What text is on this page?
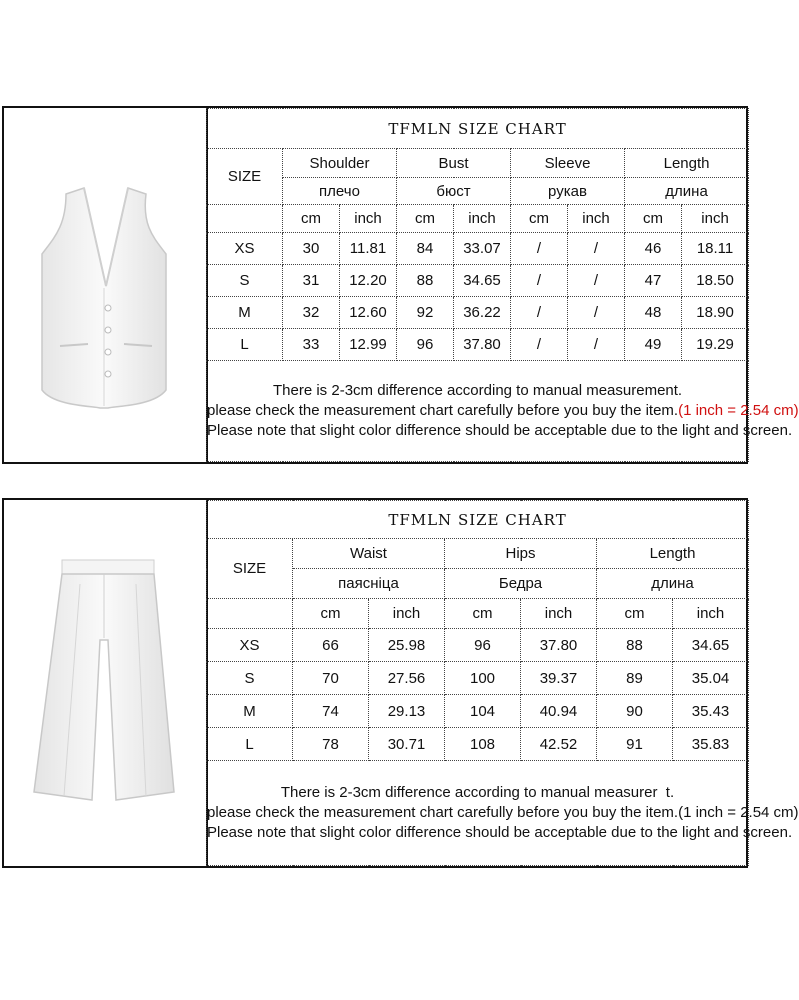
TFMLN SIZE CHART								
SIZE	Shoulder		Bust		Sleeve		Length	
	плечо		бюст		рукав		длина	
	cm	inch	cm	inch	cm	inch	cm	inch
XS	30	11.81	84	33.07	/	/	46	18.11
S	31	12.20	88	34.65	/	/	47	18.50
M	32	12.60	92	36.22	/	/	48	18.90
L	33	12.99	96	37.80	/	/	49	19.29

There is 2-3cm difference according to manual measurement.
please check the measurement chart carefully before you buy the item.(1 inch = 2.54 cm)
Please note that slight color difference should be acceptable due to the light and screen.								
TFMLN SIZE CHART						
SIZE	Waist		Hips		Length	
	паясніца		Бедра		длина	
	cm	inch	cm	inch	cm	inch
XS	66	25.98	96	37.80	88	34.65
S	70	27.56	100	39.37	89	35.04
M	74	29.13	104	40.94	90	35.43
L	78	30.71	108	42.52	91	35.83

There is 2-3cm difference according to manual measurer t.
please check the measurement chart carefully before you buy the item.(1 inch = 2.54 cm)
Please note that slight color difference should be acceptable due to the light and screen.						
